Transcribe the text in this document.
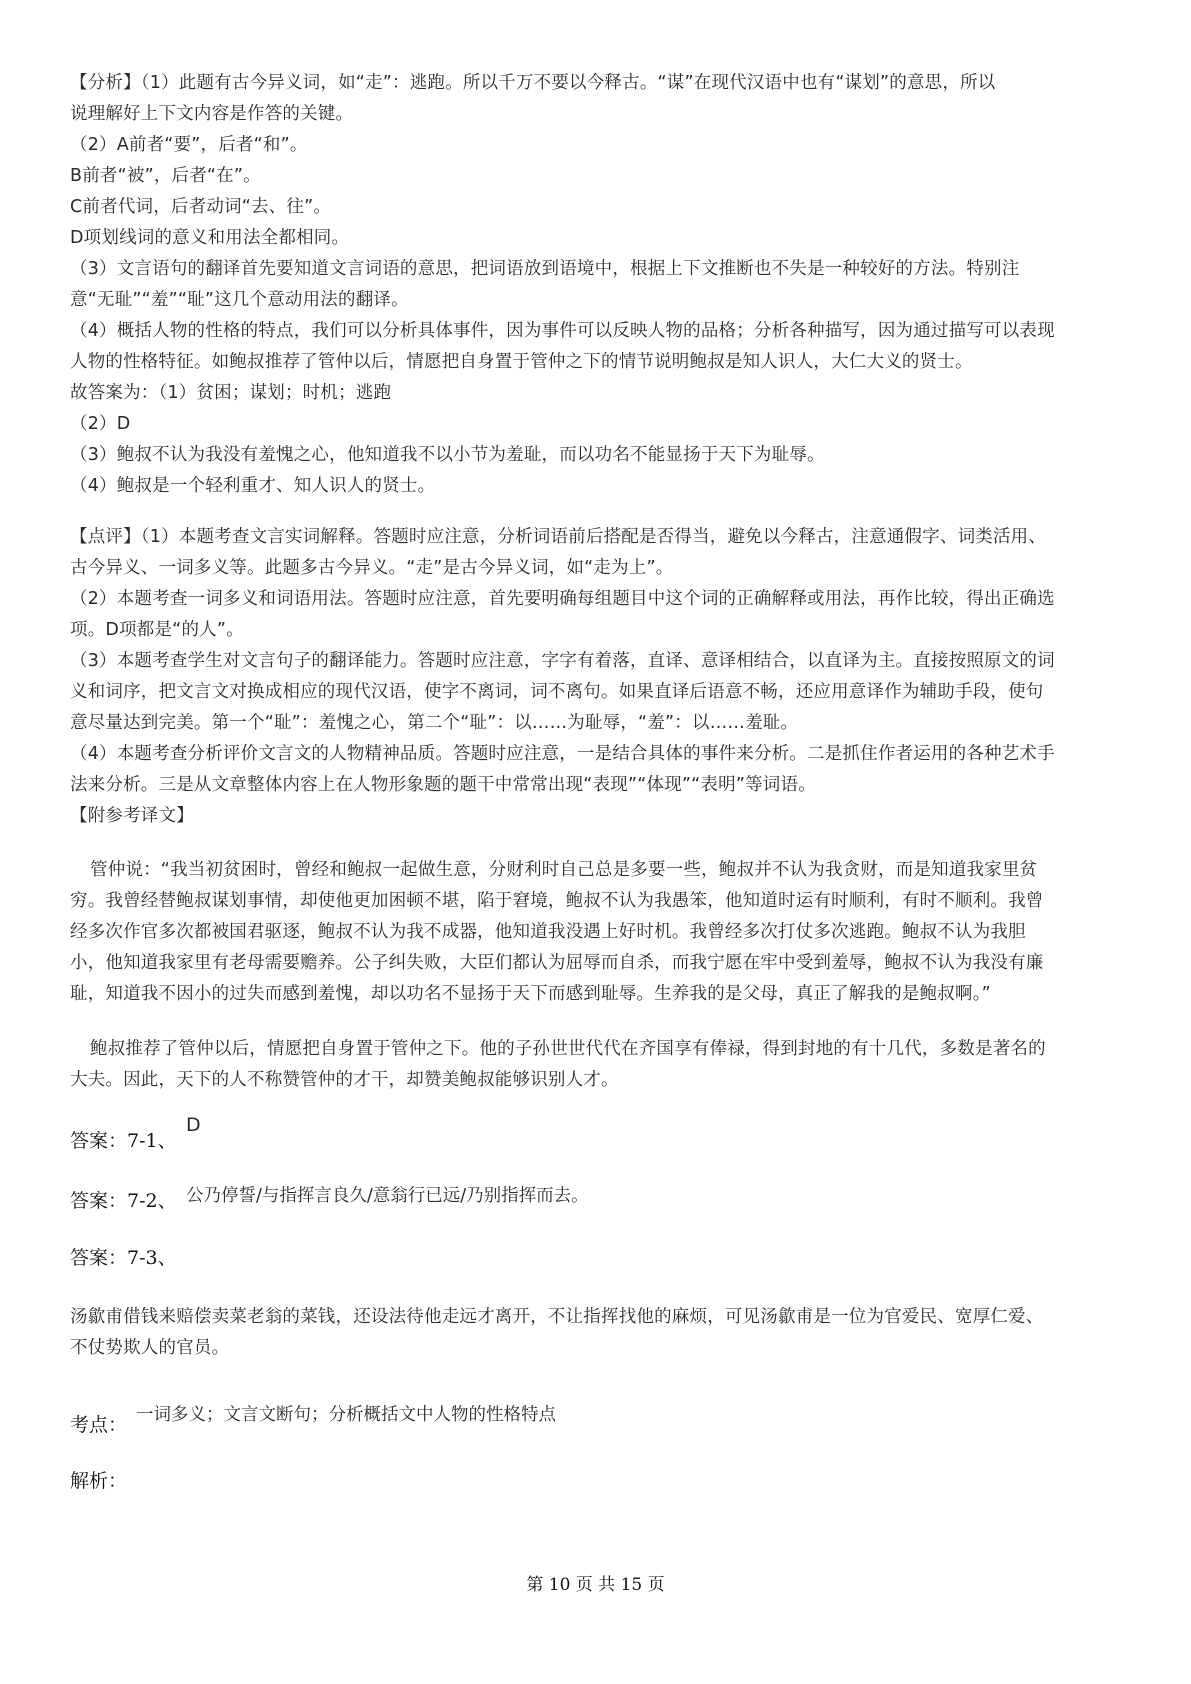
【分析】（1）此题有古今异义词，如“走”：逃跑。所以千万不要以今释古。“谋”在现代汉语中也有“谋划”的意思，所以
说理解好上下文内容是作答的关键。
（2）A前者“要”，后者“和”。
B前者“被”，后者“在”。
C前者代词，后者动词“去、往”。
D项划线词的意义和用法全都相同。
（3）文言语句的翻译首先要知道文言词语的意思，把词语放到语境中，根据上下文推断也不失是一种较好的方法。特别注
意“无耻”“羞”“耻”这几个意动用法的翻译。
（4）概括人物的性格的特点，我们可以分析具体事件，因为事件可以反映人物的品格；分析各种描写，因为通过描写可以表现
人物的性格特征。如鲍叔推荐了管仲以后，情愿把自身置于管仲之下的情节说明鲍叔是知人识人，大仁大义的贤士。
故答案为：（1）贫困；谋划；时机；逃跑
（2）D
（3）鲍叔不认为我没有羞愧之心，他知道我不以小节为羞耻，而以功名不能显扬于天下为耻辱。
（4）鲍叔是一个轻利重才、知人识人的贤士。
【点评】（1）本题考查文言实词解释。答题时应注意，分析词语前后搭配是否得当，避免以今释古，注意通假字、词类活用、
古今异义、一词多义等。此题多古今异义。“走”是古今异义词，如“走为上”。
（2）本题考查一词多义和词语用法。答题时应注意，首先要明确每组题目中这个词的正确解释或用法，再作比较，得出正确选
项。D项都是“的人”。
（3）本题考查学生对文言句子的翻译能力。答题时应注意，字字有着落，直译、意译相结合，以直译为主。直接按照原文的词
义和词序，把文言文对换成相应的现代汉语，使字不离词，词不离句。如果直译后语意不畅，还应用意译作为辅助手段，使句
意尽量达到完美。第一个“耻”：羞愧之心，第二个“耻”：以……为耻辱，“羞”：以……羞耻。
（4）本题考查分析评价文言文的人物精神品质。答题时应注意，一是结合具体的事件来分析。二是抓住作者运用的各种艺术手
法来分析。三是从文章整体内容上在人物形象题的题干中常常出现“表现”“体现”“表明”等词语。
【附参考译文】
管仲说：“我当初贫困时，曾经和鲍叔一起做生意，分财利时自己总是多要一些，鲍叔并不认为我贪财，而是知道我家里贫
穷。我曾经替鲍叔谋划事情，却使他更加困顿不堪，陷于窘境，鲍叔不认为我愚笨，他知道时运有时顺利，有时不顺利。我曾
经多次作官多次都被国君驱逐，鲍叔不认为我不成器，他知道我没遇上好时机。我曾经多次打仗多次逃跑。鲍叔不认为我胆
小，他知道我家里有老母需要赡养。公子纠失败，大臣们都认为屈辱而自杀，而我宁愿在牢中受到羞辱，鲍叔不认为我没有廉
耻，知道我不因小的过失而感到羞愧，却以功名不显扬于天下而感到耻辱。生养我的是父母，真正了解我的是鲍叔啊。”
鲍叔推荐了管仲以后，情愿把自身置于管仲之下。他的子孙世世代代在齐国享有俸禄，得到封地的有十几代，多数是著名的
大夫。因此，天下的人不称赞管仲的才干，却赞美鲍叔能够识别人才。
答案：7-1、
D
答案：7-2、 公乃停誓/与指挥言良久/意翁行已远/乃别指挥而去。
答案：7-3、
汤歙甫借钱来赔偿卖菜老翁的菜钱，还设法待他走远才离开，不让指挥找他的麻烦，可见汤歙甫是一位为官爱民、宽厚仁爱、
不仗势欺人的官员。
考点： 一词多义；文言文断句；分析概括文中人物的性格特点
解析：
第 10 页 共 15 页
